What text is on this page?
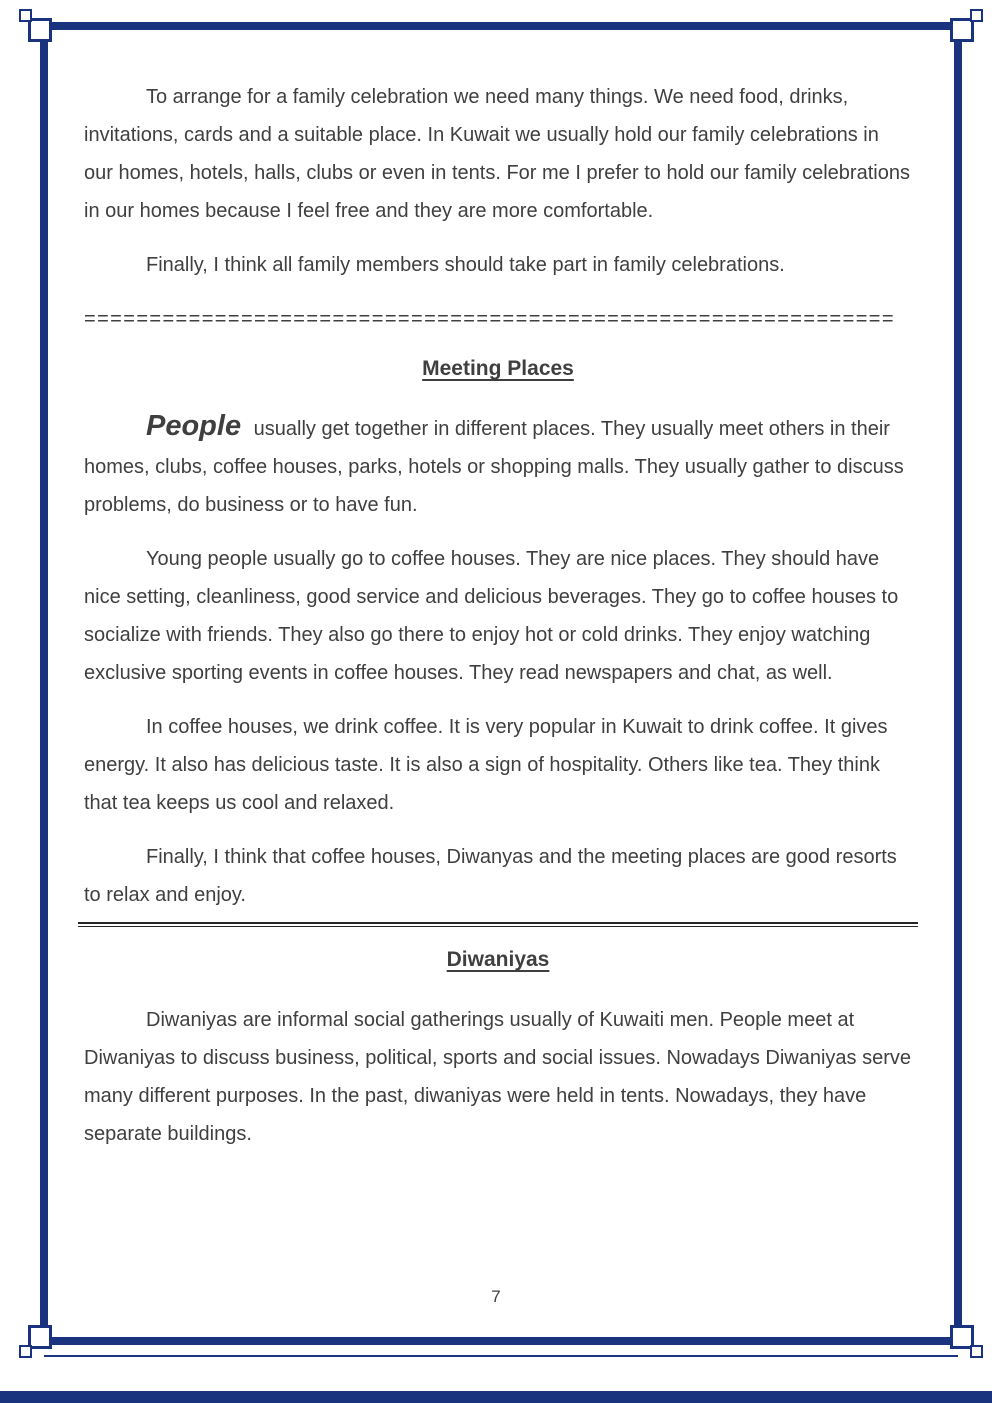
To arrange for a family celebration we need many things. We need food, drinks, invitations, cards and a suitable place. In Kuwait we usually hold our family celebrations in our homes, hotels, halls, clubs or even in tents. For me I prefer to hold our family celebrations in our homes because I feel free and they are more comfortable.

Finally, I think all family members should take part in family celebrations.

==============================================================
Meeting Places

People usually get together in different places. They usually meet others in their homes, clubs, coffee houses, parks, hotels or shopping malls. They usually gather to discuss problems, do business or to have fun.

Young people usually go to coffee houses. They are nice places. They should have nice setting, cleanliness, good service and delicious beverages. They go to coffee houses to socialize with friends. They also go there to enjoy hot or cold drinks. They enjoy watching exclusive sporting events in coffee houses. They read newspapers and chat, as well.

In coffee houses, we drink coffee. It is very popular in Kuwait to drink coffee. It gives energy. It also has delicious taste. It is also a sign of hospitality. Others like tea. They think that tea keeps us cool and relaxed.

Finally, I think that coffee houses, Diwanyas and the meeting places are good resorts to relax and enjoy.

Diwaniyas

Diwaniyas are informal social gatherings usually of Kuwaiti men. People meet at Diwaniyas to discuss business, political, sports and social issues. Nowadays Diwaniyas serve many different purposes. In the past, diwaniyas were held in tents. Nowadays, they have separate buildings.

7
